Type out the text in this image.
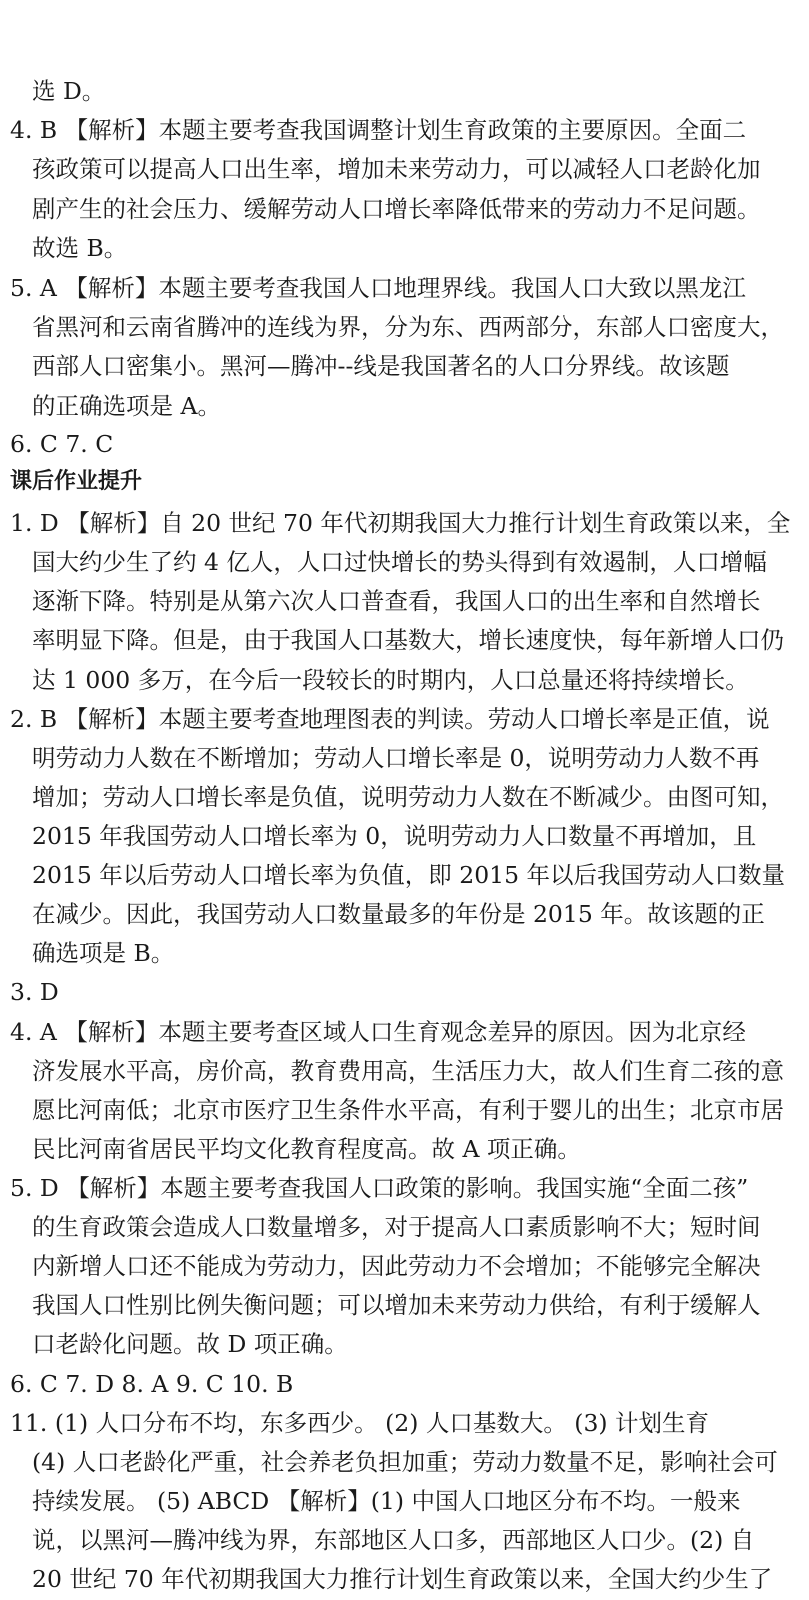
选 D。
4. B 【解析】本题主要考查我国调整计划生育政策的主要原因。全面二
孩政策可以提高人口出生率，增加未来劳动力，可以减轻人口老龄化加
剧产生的社会压力、缓解劳动人口增长率降低带来的劳动力不足问题。
故选 B。
5. A 【解析】本题主要考查我国人口地理界线。我国人口大致以黑龙江
省黑河和云南省腾冲的连线为界，分为东、西两部分，东部人口密度大，
西部人口密集小。黑河—腾冲--线是我国著名的人口分界线。故该题
的正确选项是 A。
6. C 7. C
课后作业提升
1. D 【解析】自 20 世纪 70 年代初期我国大力推行计划生育政策以来，全
国大约少生了约 4 亿人，人口过快增长的势头得到有效遏制，人口增幅
逐渐下降。特别是从第六次人口普查看，我国人口的出生率和自然增长
率明显下降。但是，由于我国人口基数大，增长速度快，每年新增人口仍
达 1 000 多万，在今后一段较长的时期内，人口总量还将持续增长。
2. B 【解析】本题主要考查地理图表的判读。劳动人口增长率是正值，说
明劳动力人数在不断增加；劳动人口增长率是 0，说明劳动力人数不再
增加；劳动人口增长率是负值，说明劳动力人数在不断减少。由图可知，
2015 年我国劳动人口增长率为 0，说明劳动力人口数量不再增加，且
2015 年以后劳动人口增长率为负值，即 2015 年以后我国劳动人口数量
在减少。因此，我国劳动人口数量最多的年份是 2015 年。故该题的正
确选项是 B。
3. D
4. A 【解析】本题主要考查区域人口生育观念差异的原因。因为北京经
济发展水平高，房价高，教育费用高，生活压力大，故人们生育二孩的意
愿比河南低；北京市医疗卫生条件水平高，有利于婴儿的出生；北京市居
民比河南省居民平均文化教育程度高。故 A 项正确。
5. D 【解析】本题主要考查我国人口政策的影响。我国实施“全面二孩”
的生育政策会造成人口数量增多，对于提高人口素质影响不大；短时间
内新增人口还不能成为劳动力，因此劳动力不会增加；不能够完全解决
我国人口性别比例失衡问题；可以增加未来劳动力供给，有利于缓解人
口老龄化问题。故 D 项正确。
6. C 7. D 8. A 9. C 10. B
11. (1) 人口分布不均，东多西少。 (2) 人口基数大。 (3) 计划生育
(4) 人口老龄化严重，社会养老负担加重；劳动力数量不足，影响社会可
持续发展。 (5) ABCD 【解析】(1) 中国人口地区分布不均。一般来
说，以黑河—腾冲线为界，东部地区人口多，西部地区人口少。(2) 自
20 世纪 70 年代初期我国大力推行计划生育政策以来，全国大约少生了
